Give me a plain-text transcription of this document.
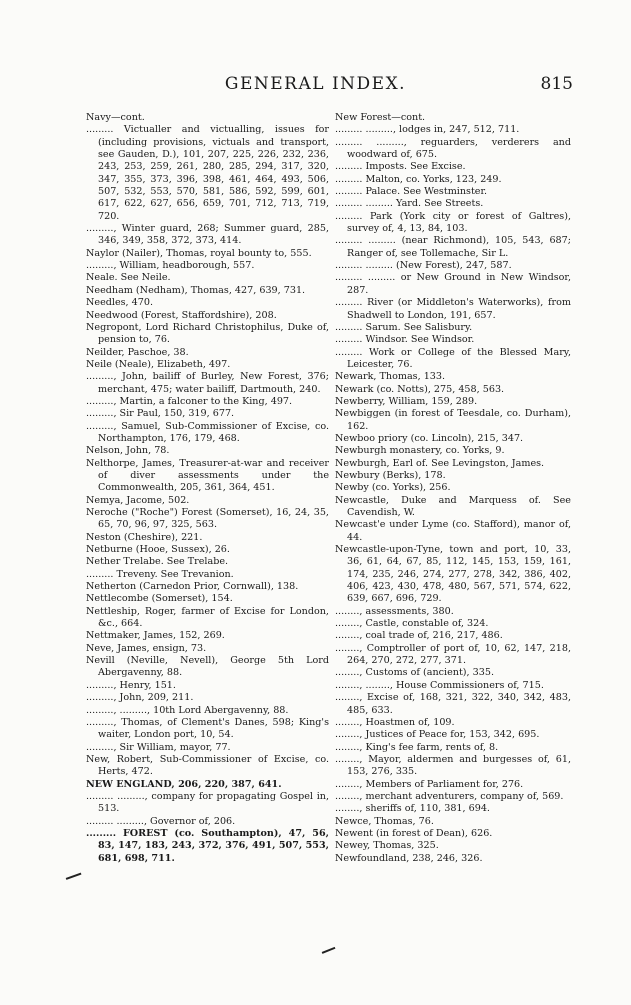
GENERAL INDEX.	815

Navy—cont.

......... Victualler and victualling, issues for (including provisions, victuals and transport, see Gauden, D.), 101, 207, 225, 226, 232, 236, 243, 253, 259, 261, 280, 285, 294, 317, 320, 347, 355, 373, 396, 398, 461, 464, 493, 506, 507, 532, 553, 570, 581, 586, 592, 599, 601, 617, 622, 627, 656, 659, 701, 712, 713, 719, 720.

........., Winter guard, 268; Summer guard, 285, 346, 349, 358, 372, 373, 414.

Naylor (Nailer), Thomas, royal bounty to, 555.

........., William, headborough, 557.

Neale. See Neile.

Needham (Nedham), Thomas, 427, 639, 731.

Needles, 470.

Needwood (Forest, Staffordshire), 208.

Negropont, Lord Richard Christophilus, Duke of, pension to, 76.

Neilder, Paschoe, 38.

Neile (Neale), Elizabeth, 497.

........., John, bailiff of Burley, New Forest, 376; merchant, 475; water bailiff, Dartmouth, 240.

........., Martin, a falconer to the King, 497.

........., Sir Paul, 150, 319, 677.

........., Samuel, Sub-Commissioner of Excise, co. Northampton, 176, 179, 468.

Nelson, John, 78.

Nelthorpe, James, Treasurer-at-war and receiver of diver assessments under the Commonwealth, 205, 361, 364, 451.

Nemya, Jacome, 502.

Neroche ("Roche") Forest (Somerset), 16, 24, 35, 65, 70, 96, 97, 325, 563.

Neston (Cheshire), 221.

Netburne (Hooe, Sussex), 26.

Nether Trelabe. See Trelabe.

......... Treveny. See Trevanion.

Netherton (Carnedon Prior, Cornwall), 138.

Nettlecombe (Somerset), 154.

Nettleship, Roger, farmer of Excise for London, &c., 664.

Nettmaker, James, 152, 269.

Neve, James, ensign, 73.

Nevill (Neville, Nevell), George 5th Lord Abergavenny, 88.

........., Henry, 151.

........., John, 209, 211.

........., ........., 10th Lord Abergavenny, 88.

........., Thomas, of Clement's Danes, 598; King's waiter, London port, 10, 54.

........., Sir William, mayor, 77.

New, Robert, Sub-Commissioner of Excise, co. Herts, 472.

NEW ENGLAND, 206, 220, 387, 641.

......... ........., company for propagating Gospel in, 513.

......... ........., Governor of, 206.

......... FOREST (co. Southampton), 47, 56, 83, 147, 183, 243, 372, 376, 491, 507, 553, 681, 698, 711.

New Forest—cont.

......... ........., lodges in, 247, 512, 711.

......... ........., reguarders, verderers and woodward of, 675.

......... Imposts. See Excise.

......... Malton, co. Yorks, 123, 249.

......... Palace. See Westminster.

......... ......... Yard. See Streets.

......... Park (York city or forest of Galtres), survey of, 4, 13, 84, 103.

......... ......... (near Richmond), 105, 543, 687; Ranger of, see Tollemache, Sir L.

......... ......... (New Forest), 247, 587.

......... ......... or New Ground in New Windsor, 287.

......... River (or Middleton's Waterworks), from Shadwell to London, 191, 657.

......... Sarum. See Salisbury.

......... Windsor. See Windsor.

......... Work or College of the Blessed Mary, Leicester, 76.

Newark, Thomas, 133.

Newark (co. Notts), 275, 458, 563.

Newberry, William, 159, 289.

Newbiggen (in forest of Teesdale, co. Durham), 162.

Newboo priory (co. Lincoln), 215, 347.

Newburgh monastery, co. Yorks, 9.

Newburgh, Earl of. See Levingston, James.

Newbury (Berks), 178.

Newby (co. Yorks), 256.

Newcastle, Duke and Marquess of. See Cavendish, W.

Newcast'e under Lyme (co. Stafford), manor of, 44.

Newcastle-upon-Tyne, town and port, 10, 33, 36, 61, 64, 67, 85, 112, 145, 153, 159, 161, 174, 235, 246, 274, 277, 278, 342, 386, 402, 406, 423, 430, 478, 480, 567, 571, 574, 622, 639, 667, 696, 729.

........, assessments, 380.

........, Castle, constable of, 324.

........, coal trade of, 216, 217, 486.

........, Comptroller of port of, 10, 62, 147, 218, 264, 270, 272, 277, 371.

........, Customs of (ancient), 335.

........, ........, House Commissioners of, 715.

........, Excise of, 168, 321, 322, 340, 342, 483, 485, 633.

........, Hoastmen of, 109.

........, Justices of Peace for, 153, 342, 695.

........, King's fee farm, rents of, 8.

........, Mayor, aldermen and burgesses of, 61, 153, 276, 335.

........, Members of Parliament for, 276.

........, merchant adventurers, company of, 569.

........, sheriffs of, 110, 381, 694.

Newce, Thomas, 76.

Newent (in forest of Dean), 626.

Newey, Thomas, 325.

Newfoundland, 238, 246, 326.
